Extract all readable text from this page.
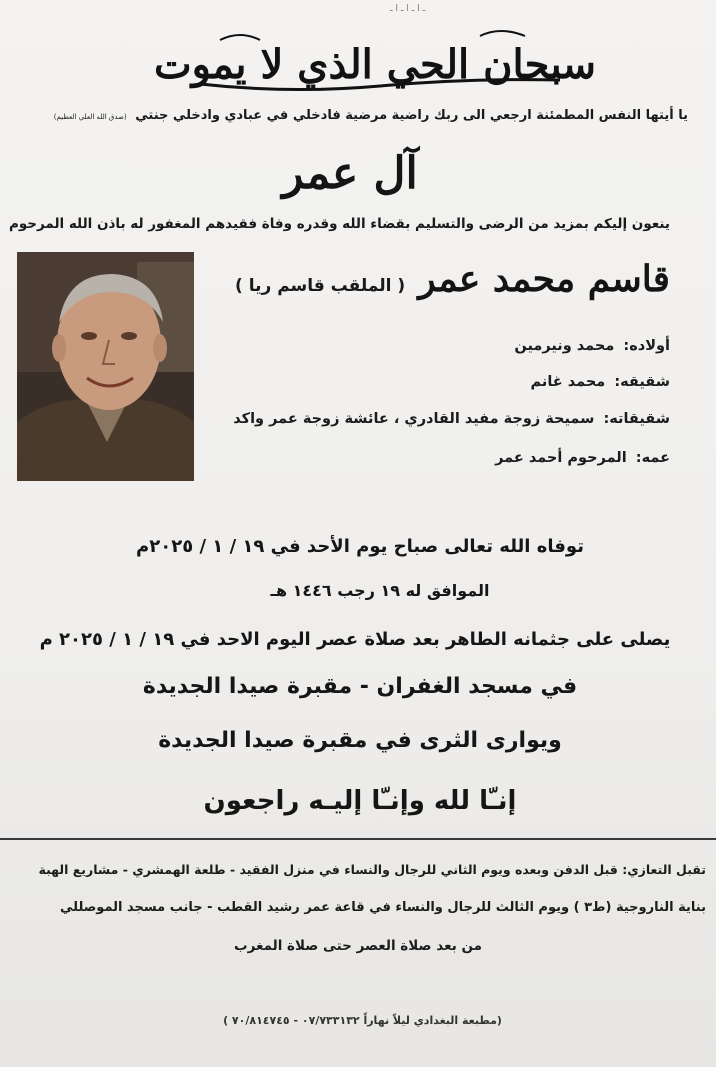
ـ ا ـ ا ـ ا ـ
سبحان الحي الذي لا يموت
يا أيتها النفس المطمئنة ارجعي الى ربك راضية مرضية فادخلي في عبادي وادخلي جنتي (صدق الله العلي العظيم)
آل عمر
ينعون إليكم بمزيد من الرضى والتسليم بقضاء الله وقدره وفاة فقيدهم المغفور له باذن الله المرحوم
قاسم محمد عمر ( الملقب قاسم ريا )
أولاده: محمد ونيرمين
شقيقه: محمد غانم
شقيقاته: سميحة زوجة مفيد القادري ، عائشة زوجة عمر واكد
عمه: المرحوم أحمد عمر
توفاه الله تعالى صباح يوم الأحد في ١٩ / ١ / ٢٠٢٥م
الموافق له ١٩ رجب ١٤٤٦ هـ
يصلى على جثمانه الطاهر بعد صلاة عصر اليوم الاحد في ١٩ / ١ / ٢٠٢٥ م
في مسجد الغفران - مقبرة صيدا الجديدة
ويوارى الثرى في مقبرة صيدا الجديدة
إنـّا لله وإنـّا إليـه راجعون
تقبل التعازي: قبل الدفن وبعده ويوم الثاني للرجال والنساء في منزل الفقيد - طلعة الهمشري - مشاريع الهبة
بناية الناروجية (ط٣ ) ويوم الثالث للرجال والنساء في قاعة عمر رشيد القطب - جانب مسجد الموصللي
من بعد صلاة العصر حتى صلاة المغرب
(مطبعة البغدادي ليلاً نهاراً ٠٧/٧٣٣١٣٢ - ٧٠/٨١٤٧٤٥ )
